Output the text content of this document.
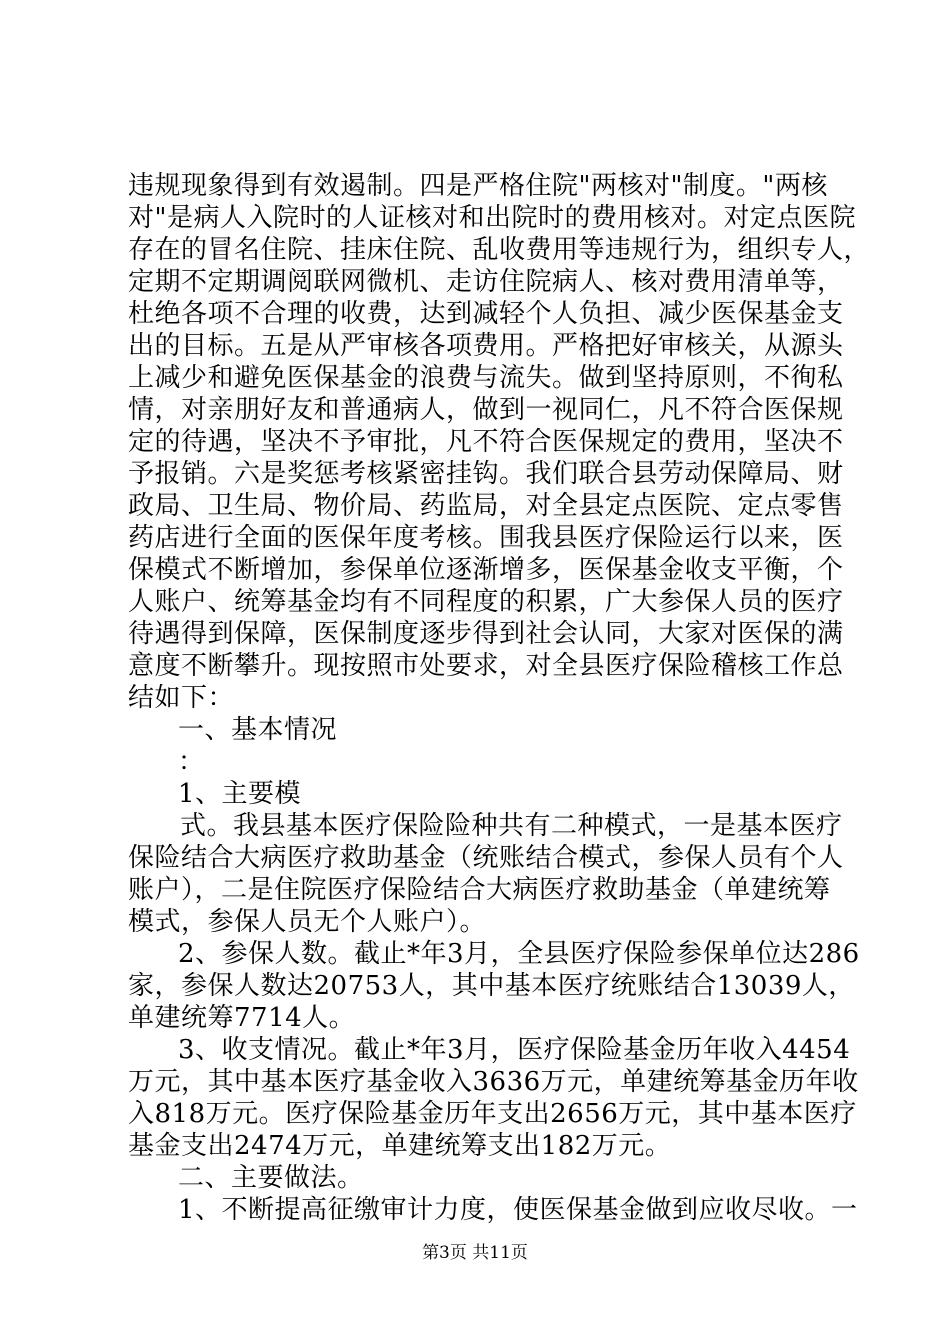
违规现象得到有效遏制。四是严格住院"两核对"制度。"两核
对"是病人入院时的人证核对和出院时的费用核对。对定点医院
存在的冒名住院、挂床住院、乱收费用等违规行为，组织专人，
定期不定期调阅联网微机、走访住院病人、核对费用清单等，
杜绝各项不合理的收费，达到减轻个人负担、减少医保基金支
出的目标。五是从严审核各项费用。严格把好审核关，从源头
上减少和避免医保基金的浪费与流失。做到坚持原则，不徇私
情，对亲朋好友和普通病人，做到一视同仁，凡不符合医保规
定的待遇，坚决不予审批，凡不符合医保规定的费用，坚决不
予报销。六是奖惩考核紧密挂钩。我们联合县劳动保障局、财
政局、卫生局、物价局、药监局，对全县定点医院、定点零售
药店进行全面的医保年度考核。围我县医疗保险运行以来，医
保模式不断增加，参保单位逐渐增多，医保基金收支平衡，个
人账户、统筹基金均有不同程度的积累，广大参保人员的医疗
待遇得到保障，医保制度逐步得到社会认同，大家对医保的满
意度不断攀升。现按照市处要求，对全县医疗保险稽核工作总
结如下：
一、基本情况
：
1、主要模
式。我县基本医疗保险险种共有二种模式，一是基本医疗
保险结合大病医疗救助基金（统账结合模式，参保人员有个人
账户），二是住院医疗保险结合大病医疗救助基金（单建统筹
模式，参保人员无个人账户）。
2、参保人数。截止*年3月，全县医疗保险参保单位达286
家，参保人数达20753人，其中基本医疗统账结合13039人，
单建统筹7714人。
3、收支情况。截止*年3月，医疗保险基金历年收入4454
万元，其中基本医疗基金收入3636万元，单建统筹基金历年收
入818万元。医疗保险基金历年支出2656万元，其中基本医疗
基金支出2474万元，单建统筹支出182万元。
二、主要做法。
1、不断提高征缴审计力度，使医保基金做到应收尽收。一
第3页 共11页
